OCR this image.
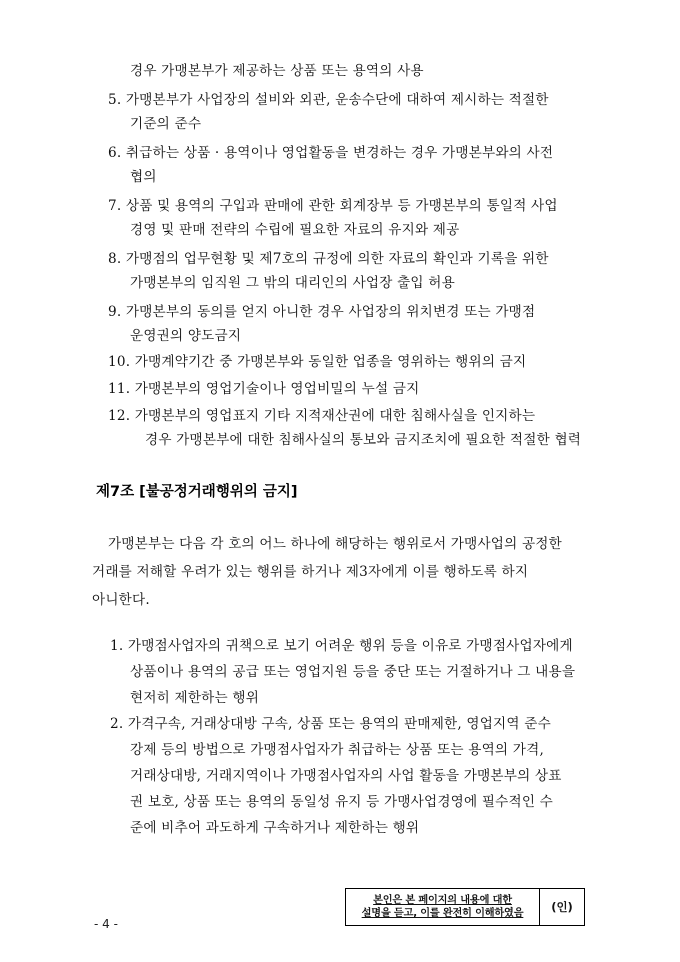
경우 가맹본부가 제공하는 상품 또는 용역의 사용
5. 가맹본부가 사업장의 설비와 외관, 운송수단에 대하여 제시하는 적절한
기준의 준수
6. 취급하는 상품 · 용역이나 영업활동을 변경하는 경우 가맹본부와의 사전
협의
7. 상품 및 용역의 구입과 판매에 관한 회계장부 등 가맹본부의 통일적 사업
경영 및 판매 전략의 수립에 필요한 자료의 유지와 제공
8. 가맹점의 업무현황 및 제7호의 규정에 의한 자료의 확인과 기록을 위한
가맹본부의 임직원 그 밖의 대리인의 사업장 출입 허용
9. 가맹본부의 동의를 얻지 아니한 경우 사업장의 위치변경 또는 가맹점
운영권의 양도금지
10. 가맹계약기간 중 가맹본부와 동일한 업종을 영위하는 행위의 금지
11. 가맹본부의 영업기술이나 영업비밀의 누설 금지
12. 가맹본부의 영업표지 기타 지적재산권에 대한 침해사실을 인지하는
경우 가맹본부에 대한 침해사실의 통보와 금지조치에 필요한 적절한 협력
제7조 [불공정거래행위의 금지]
가맹본부는 다음 각 호의 어느 하나에 해당하는 행위로서 가맹사업의 공정한
거래를 저해할 우려가 있는 행위를 하거나 제3자에게 이를 행하도록 하지
아니한다.
1. 가맹점사업자의 귀책으로 보기 어려운 행위 등을 이유로 가맹점사업자에게
상품이나 용역의 공급 또는 영업지원 등을 중단 또는 거절하거나 그 내용을
현저히 제한하는 행위
2. 가격구속, 거래상대방 구속, 상품 또는 용역의 판매제한, 영업지역 준수
강제 등의 방법으로 가맹점사업자가 취급하는 상품 또는 용역의 가격,
거래상대방, 거래지역이나 가맹점사업자의 사업 활동을 가맹본부의 상표
권 보호, 상품 또는 용역의 동일성 유지 등 가맹사업경영에 필수적인 수
준에 비추어 과도하게 구속하거나 제한하는 행위
본인은 본 페이지의 내용에 대한
설명을 듣고, 이를 완전히 이해하였음	(인)
- 4 -
